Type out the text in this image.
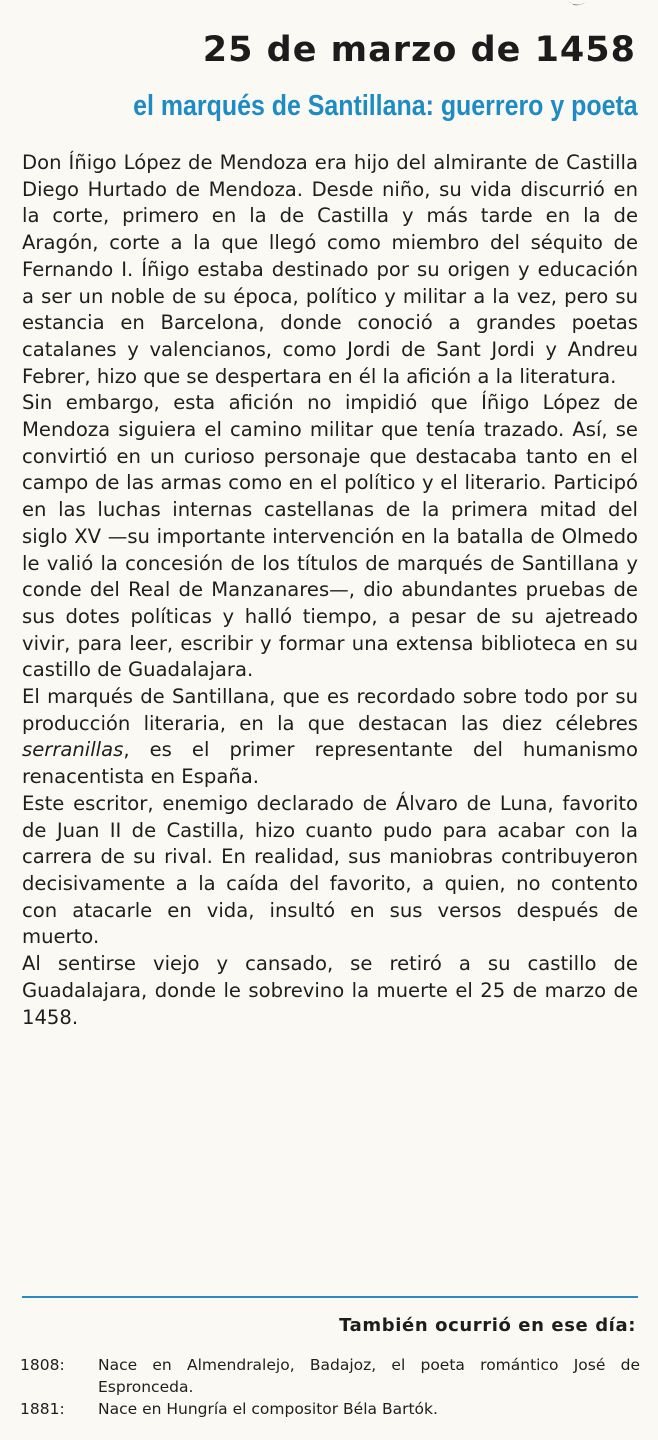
25 de marzo de 1458
el marqués de Santillana: guerrero y poeta

Don Íñigo López de Mendoza era hijo del almirante de Castilla Diego Hurtado de Mendoza. Desde niño, su vida discurrió en la corte, primero en la de Castilla y más tarde en la de Aragón, corte a la que llegó como miembro del séquito de Fernando I. Íñigo estaba destinado por su origen y educación a ser un noble de su época, político y militar a la vez, pero su estancia en Barcelona, donde conoció a grandes poetas catalanes y valencianos, como Jordi de Sant Jordi y Andreu Febrer, hizo que se despertara en él la afición a la literatura.

Sin embargo, esta afición no impidió que Íñigo López de Mendoza siguiera el camino militar que tenía trazado. Así, se convirtió en un curioso personaje que destacaba tanto en el campo de las armas como en el político y el literario. Participó en las luchas internas castellanas de la primera mitad del siglo XV —su importante intervención en la batalla de Olmedo le valió la concesión de los títulos de marqués de Santillana y conde del Real de Manzanares—, dio abundantes pruebas de sus dotes políticas y halló tiempo, a pesar de su ajetreado vivir, para leer, escribir y formar una extensa biblioteca en su castillo de Guadalajara.

El marqués de Santillana, que es recordado sobre todo por su producción literaria, en la que destacan las diez célebres serranillas, es el primer representante del humanismo renacentista en España.

Este escritor, enemigo declarado de Álvaro de Luna, favorito de Juan II de Castilla, hizo cuanto pudo para acabar con la carrera de su rival. En realidad, sus maniobras contribuyeron decisivamente a la caída del favorito, a quien, no contento con atacarle en vida, insultó en sus versos después de muerto.

Al sentirse viejo y cansado, se retiró a su castillo de Guadalajara, donde le sobrevino la muerte el 25 de marzo de 1458.

También ocurrió en ese día:
1808:	Nace en Almendralejo, Badajoz, el poeta romántico José de Espronceda.
1881:	Nace en Hungría el compositor Béla Bartók.
